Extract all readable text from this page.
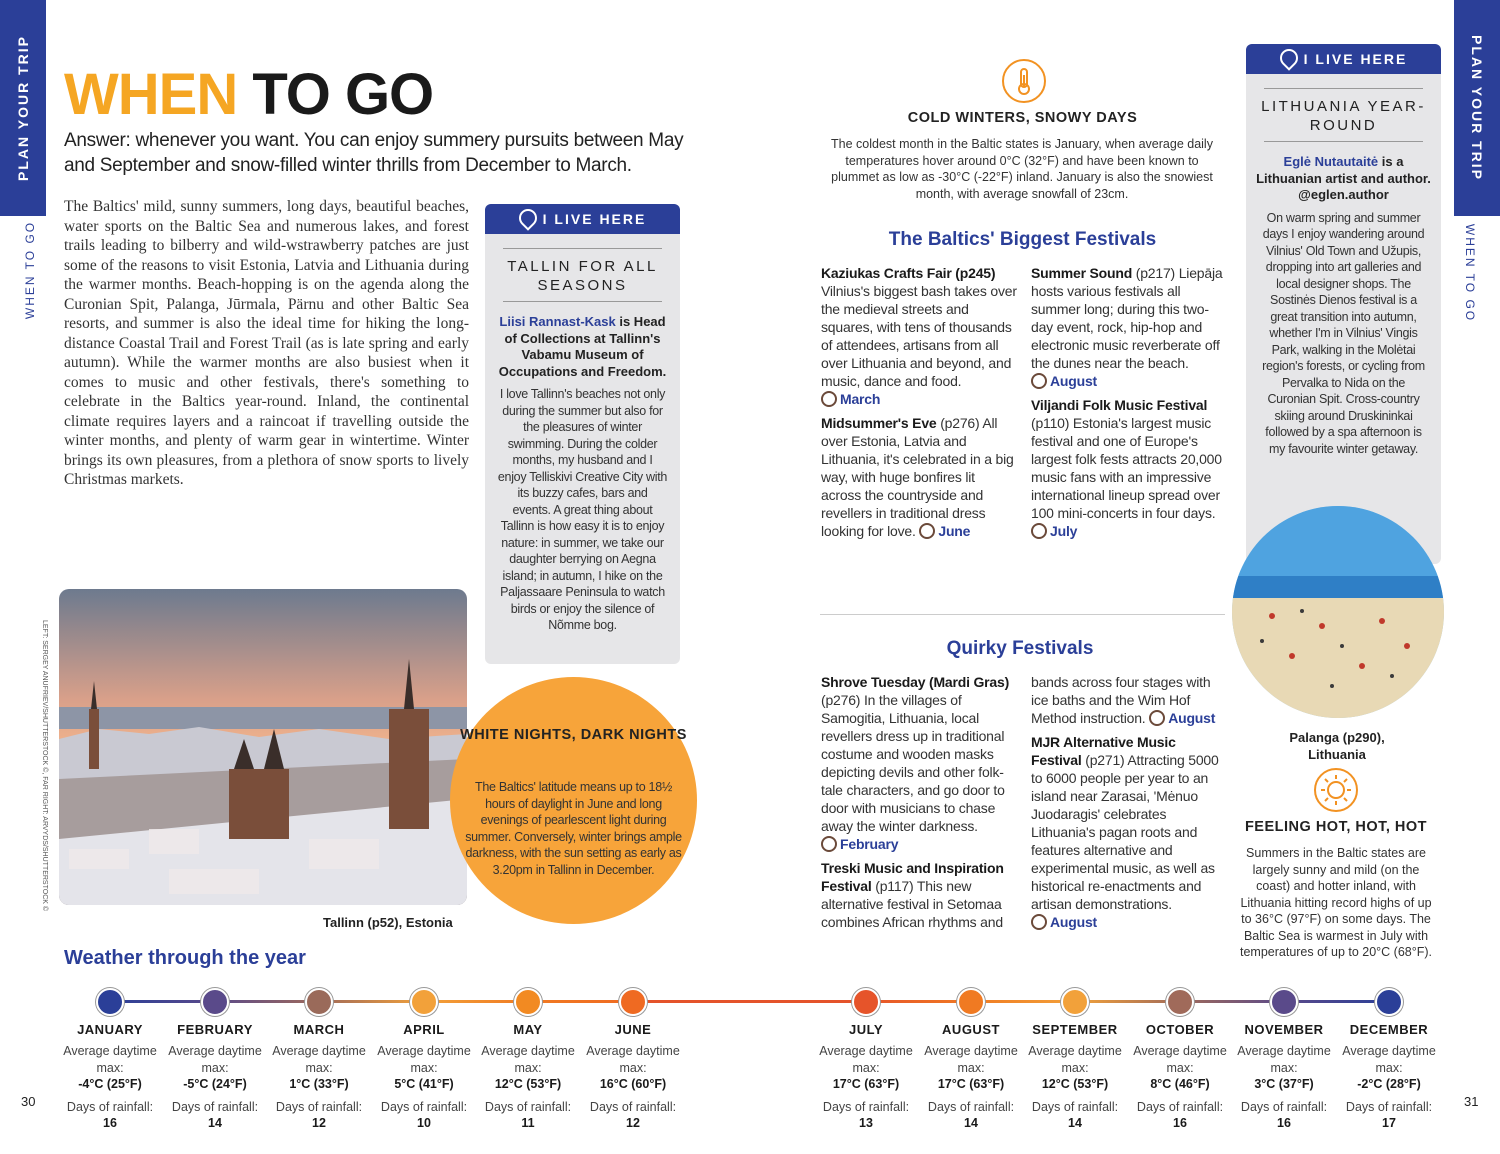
PLAN YOUR TRIP
WHEN TO GO
PLAN YOUR TRIP
WHEN TO GO
LEFT: SERGEY ANUFRIEV/SHUTTERSTOCK ©, FAR RIGHT: ARVYDS/SHUTTERSTOCK ©
WHEN TO GO
Answer: whenever you want. You can enjoy summery pursuits between May and September and snow-filled winter thrills from December to March.
The Baltics' mild, sunny summers, long days, beautiful beaches, water sports on the Baltic Sea and numerous lakes, and forest trails leading to bilberry and wild-wstrawberry patches are just some of the reasons to visit Estonia, Latvia and Lithuania during the warmer months. Beach-hopping is on the agenda along the Curonian Spit, Palanga, Jūrmala, Pärnu and other Baltic Sea resorts, and summer is also the ideal time for hiking the long-distance Coastal Trail and Forest Trail (as is late spring and early autumn). While the warmer months are also busiest when it comes to music and other festivals, there's something to celebrate in the Baltics year-round. Inland, the continental climate requires layers and a raincoat if travelling outside the winter months, and plenty of warm gear in wintertime. Winter brings its own pleasures, from a plethora of snow sports to lively Christmas markets.
I LIVE HERE
TALLIN FOR ALL SEASONS
Liisi Rannast-Kask is Head of Collections at Tallinn's Vabamu Museum of Occupations and Freedom.
I love Tallinn's beaches not only during the summer but also for the pleasures of winter swimming. During the colder months, my husband and I enjoy Telliskivi Creative City with its buzzy cafes, bars and events. A great thing about Tallinn is how easy it is to enjoy nature: in summer, we take our daughter berrying on Aegna island; in autumn, I hike on the Paljassaare Peninsula to watch birds or enjoy the silence of Nõmme bog.
Tallinn (p52), Estonia
WHITE NIGHTS, DARK NIGHTS
The Baltics' latitude means up to 18½ hours of daylight in June and long evenings of pearlescent light during summer. Conversely, winter brings ample darkness, with the sun setting as early as 3.20pm in Tallinn in December.
COLD WINTERS, SNOWY DAYS
The coldest month in the Baltic states is January, when average daily temperatures hover around 0°C (32°F) and have been known to plummet as low as -30°C (-22°F) inland. January is also the snowiest month, with average snowfall of 23cm.
The Baltics' Biggest Festivals

Kaziukas Crafts Fair (p245) Vilnius's biggest bash takes over the medieval streets and squares, with tens of thousands of attendees, artisans from all over Lithuania and beyond, and music, dance and food.
March

Midsummer's Eve (p276) All over Estonia, Latvia and Lithuania, it's celebrated in a big way, with huge bonfires lit across the countryside and revellers in traditional dress looking for love. June

Summer Sound (p217) Liepāja hosts various festivals all summer long; during this two-day event, rock, hip-hop and electronic music reverberate off the dunes near the beach.
August

Viljandi Folk Music Festival (p110) Estonia's largest music festival and one of Europe's largest folk fests attracts 20,000 music fans with an impressive international lineup spread over 100 mini-concerts in four days. July

Quirky Festivals

Shrove Tuesday (Mardi Gras) (p276) In the villages of Samogitia, Lithuania, local revellers dress up in traditional costume and wooden masks depicting devils and other folk-tale characters, and go door to door with musicians to chase away the winter darkness.
February

Treski Music and Inspiration Festival (p117) This new alternative festival in Setomaa combines African rhythms and

bands across four stages with ice baths and the Wim Hof Method instruction. August

MJR Alternative Music Festival (p271) Attracting 5000 to 6000 people per year to an island near Zarasai, 'Mėnuo Juodaragis' celebrates Lithuania's pagan roots and features alternative and experimental music, as well as historical re-enactments and artisan demonstrations.
August

I LIVE HERE
LITHUANIA YEAR-ROUND
Eglė Nutautaitė is a Lithuanian artist and author. @eglen.author
On warm spring and summer days I enjoy wandering around Vilnius' Old Town and Užupis, dropping into art galleries and local designer shops. The Sostinės Dienos festival is a great transition into autumn, whether I'm in Vilnius' Vingis Park, walking in the Molėtai region's forests, or cycling from Pervalka to Nida on the Curonian Spit. Cross-country skiing around Druskininkai followed by a spa afternoon is my favourite winter getaway.
Palanga (p290), Lithuania
FEELING HOT, HOT, HOT
Summers in the Baltic states are largely sunny and mild (on the coast) and hotter inland, with Lithuania hitting record highs of up to 36°C (97°F) on some days. The Baltic Sea is warmest in July with temperatures of up to 20°C (68°F).
Weather through the year
JANUARY
Average daytime max:
-4°C (25°F)
Days of rainfall:
16
FEBRUARY
Average daytime max:
-5°C (24°F)
Days of rainfall:
14
MARCH
Average daytime max:
1°C (33°F)
Days of rainfall:
12
APRIL
Average daytime max:
5°C (41°F)
Days of rainfall:
10
MAY
Average daytime max:
12°C (53°F)
Days of rainfall:
11
JUNE
Average daytime max:
16°C (60°F)
Days of rainfall:
12
JULY
Average daytime max:
17°C (63°F)
Days of rainfall:
13
AUGUST
Average daytime max:
17°C (63°F)
Days of rainfall:
14
SEPTEMBER
Average daytime max:
12°C (53°F)
Days of rainfall:
14
OCTOBER
Average daytime max:
8°C (46°F)
Days of rainfall:
16
NOVEMBER
Average daytime max:
3°C (37°F)
Days of rainfall:
16
DECEMBER
Average daytime max:
-2°C (28°F)
Days of rainfall:
17
30	31
